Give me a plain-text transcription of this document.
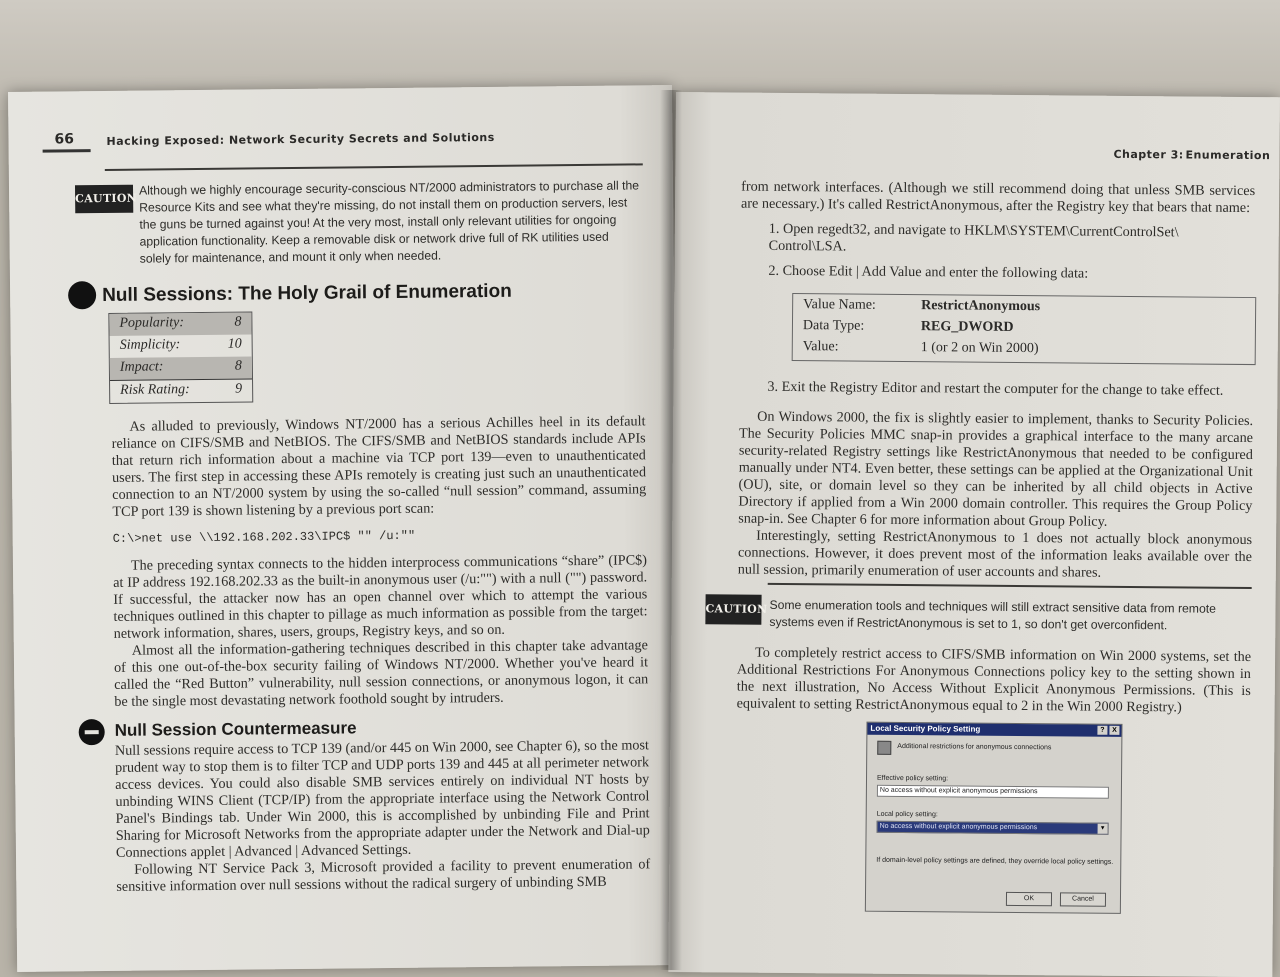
66	Hacking Exposed: Network Security Secrets and Solutions
CAUTION
Although we highly encourage security-conscious NT/2000 administrators to purchase all the Resource Kits and see what they're missing, do not install them on production servers, lest the guns be turned against you! At the very most, install only relevant utilities for ongoing application functionality. Keep a removable disk or network drive full of RK utilities used solely for maintenance, and mount it only when needed.
Null Sessions: The Holy Grail of Enumeration
Popularity:	8
Simplicity:	10
Impact:	8
Risk Rating:	9

As alluded to previously, Windows NT/2000 has a serious Achilles heel in its default reliance on CIFS/SMB and NetBIOS. The CIFS/SMB and NetBIOS standards include APIs that return rich information about a machine via TCP port 139—even to unauthenticated users. The first step in accessing these APIs remotely is creating just such an unauthenticated connection to an NT/2000 system by using the so-called “null session” command, assuming TCP port 139 is shown listening by a previous port scan:

C:\>net use \\192.168.202.33\IPC$ "" /u:""

The preceding syntax connects to the hidden interprocess communications “share” (IPC$) at IP address 192.168.202.33 as the built-in anonymous user (/u:"") with a null ("") password. If successful, the attacker now has an open channel over which to attempt the various techniques outlined in this chapter to pillage as much information as possible from the target: network information, shares, users, groups, Registry keys, and so on.

Almost all the information-gathering techniques described in this chapter take advantage of this one out-of-the-box security failing of Windows NT/2000. Whether you've heard it called the “Red Button” vulnerability, null session connections, or anonymous logon, it can be the single most devastating network foothold sought by intruders.

Null Session Countermeasure

Null sessions require access to TCP 139 (and/or 445 on Win 2000, see Chapter 6), so the most prudent way to stop them is to filter TCP and UDP ports 139 and 445 at all perimeter network access devices. You could also disable SMB services entirely on individual NT hosts by unbinding WINS Client (TCP/IP) from the appropriate interface using the Network Control Panel's Bindings tab. Under Win 2000, this is accomplished by unbinding File and Print Sharing for Microsoft Networks from the appropriate adapter under the Network and Dial-up Connections applet | Advanced | Advanced Settings.

Following NT Service Pack 3, Microsoft provided a facility to prevent enumeration of sensitive information over null sessions without the radical surgery of unbinding SMB

Chapter 3: Enumeration

from network interfaces. (Although we still recommend doing that unless SMB services are necessary.) It's called RestrictAnonymous, after the Registry key that bears that name:

1. Open regedt32, and navigate to HKLM\SYSTEM\CurrentControlSet\ Control\LSA.

2. Choose Edit | Add Value and enter the following data:

Value Name:	RestrictAnonymous
Data Type:	REG_DWORD
Value:	1 (or 2 on Win 2000)

3. Exit the Registry Editor and restart the computer for the change to take effect.

On Windows 2000, the fix is slightly easier to implement, thanks to Security Policies. The Security Policies MMC snap-in provides a graphical interface to the many arcane security-related Registry settings like RestrictAnonymous that needed to be configured manually under NT4. Even better, these settings can be applied at the Organizational Unit (OU), site, or domain level so they can be inherited by all child objects in Active Directory if applied from a Win 2000 domain controller. This requires the Group Policy snap-in. See Chapter 6 for more information about Group Policy.

Interestingly, setting RestrictAnonymous to 1 does not actually block anonymous connections. However, it does prevent most of the information leaks available over the null session, primarily enumeration of user accounts and shares.

CAUTION Some enumeration tools and techniques will still extract sensitive data from remote systems even if RestrictAnonymous is set to 1, so don't get overconfident.

To completely restrict access to CIFS/SMB information on Win 2000 systems, set the Additional Restrictions For Anonymous Connections policy key to the setting shown in the next illustration, No Access Without Explicit Anonymous Permissions. (This is equivalent to setting RestrictAnonymous equal to 2 in the Win 2000 Registry.)

Local Security Policy Setting	?	X
Additional restrictions for anonymous connections
Effective policy setting:
No access without explicit anonymous permissions
Local policy setting:
No access without explicit anonymous permissions	▾
If domain-level policy settings are defined, they override local policy settings.
OK	Cancel
